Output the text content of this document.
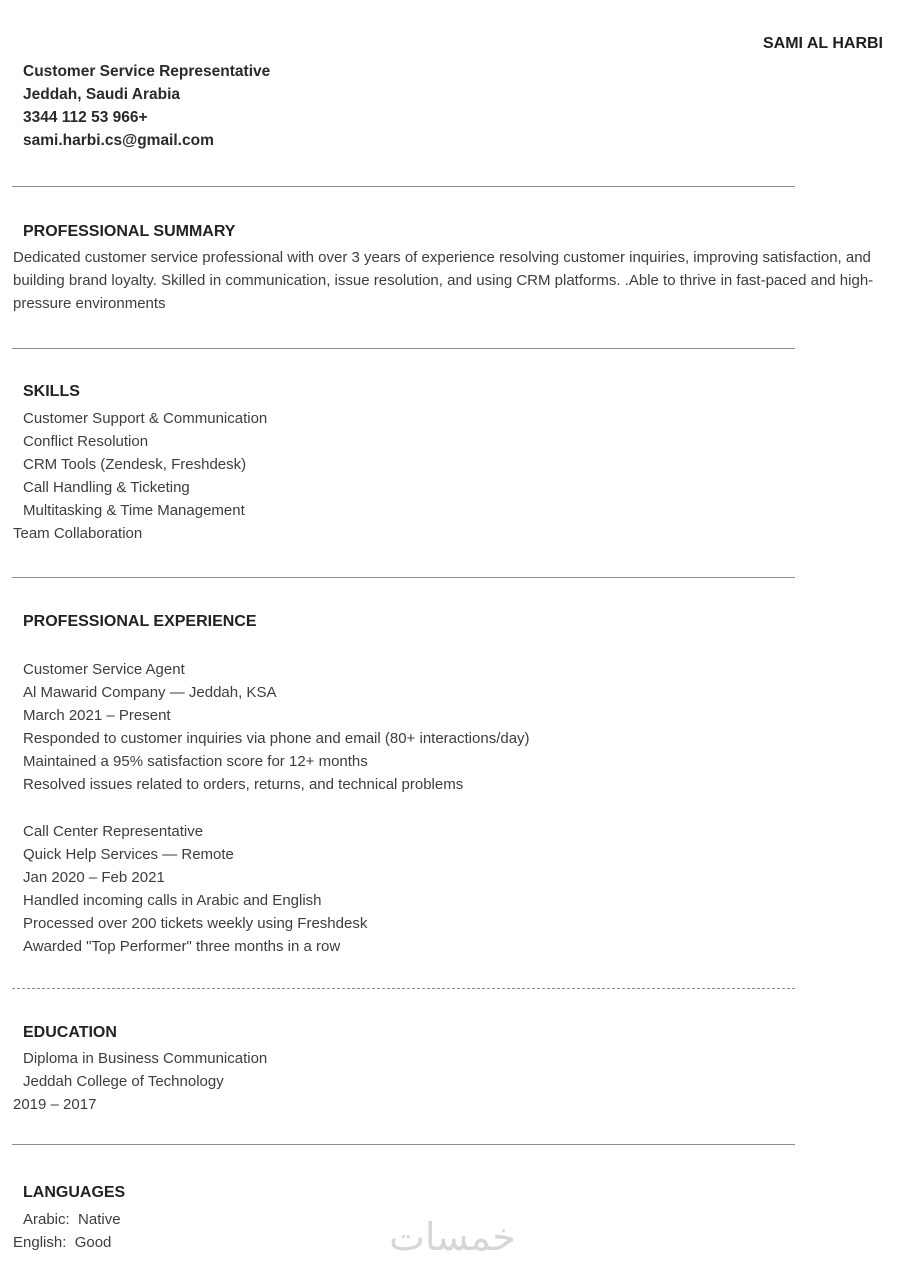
SAMI AL HARBI
Customer Service Representative
Jeddah, Saudi Arabia
3344 112 53 966+
sami.harbi.cs@gmail.com
PROFESSIONAL SUMMARY

Dedicated customer service professional with over 3 years of experience resolving customer inquiries, improving satisfaction, and building brand loyalty. Skilled in communication, issue resolution, and using CRM platforms. .Able to thrive in fast-paced and high-pressure environments

SKILLS
Customer Support & Communication
Conflict Resolution
CRM Tools (Zendesk, Freshdesk)
Call Handling & Ticketing
Multitasking & Time Management
Team Collaboration
PROFESSIONAL EXPERIENCE
Customer Service Agent
Al Mawarid Company — Jeddah, KSA
March 2021 – Present
Responded to customer inquiries via phone and email (80+ interactions/day)
Maintained a 95% satisfaction score for 12+ months
Resolved issues related to orders, returns, and technical problems
Call Center Representative
Quick Help Services — Remote
Jan 2020 – Feb 2021
Handled incoming calls in Arabic and English
Processed over 200 tickets weekly using Freshdesk
Awarded "Top Performer" three months in a row
EDUCATION
Diploma in Business Communication
Jeddah College of Technology
2019 – 2017
LANGUAGES
Arabic:  Native
English:  Good	خمسات
